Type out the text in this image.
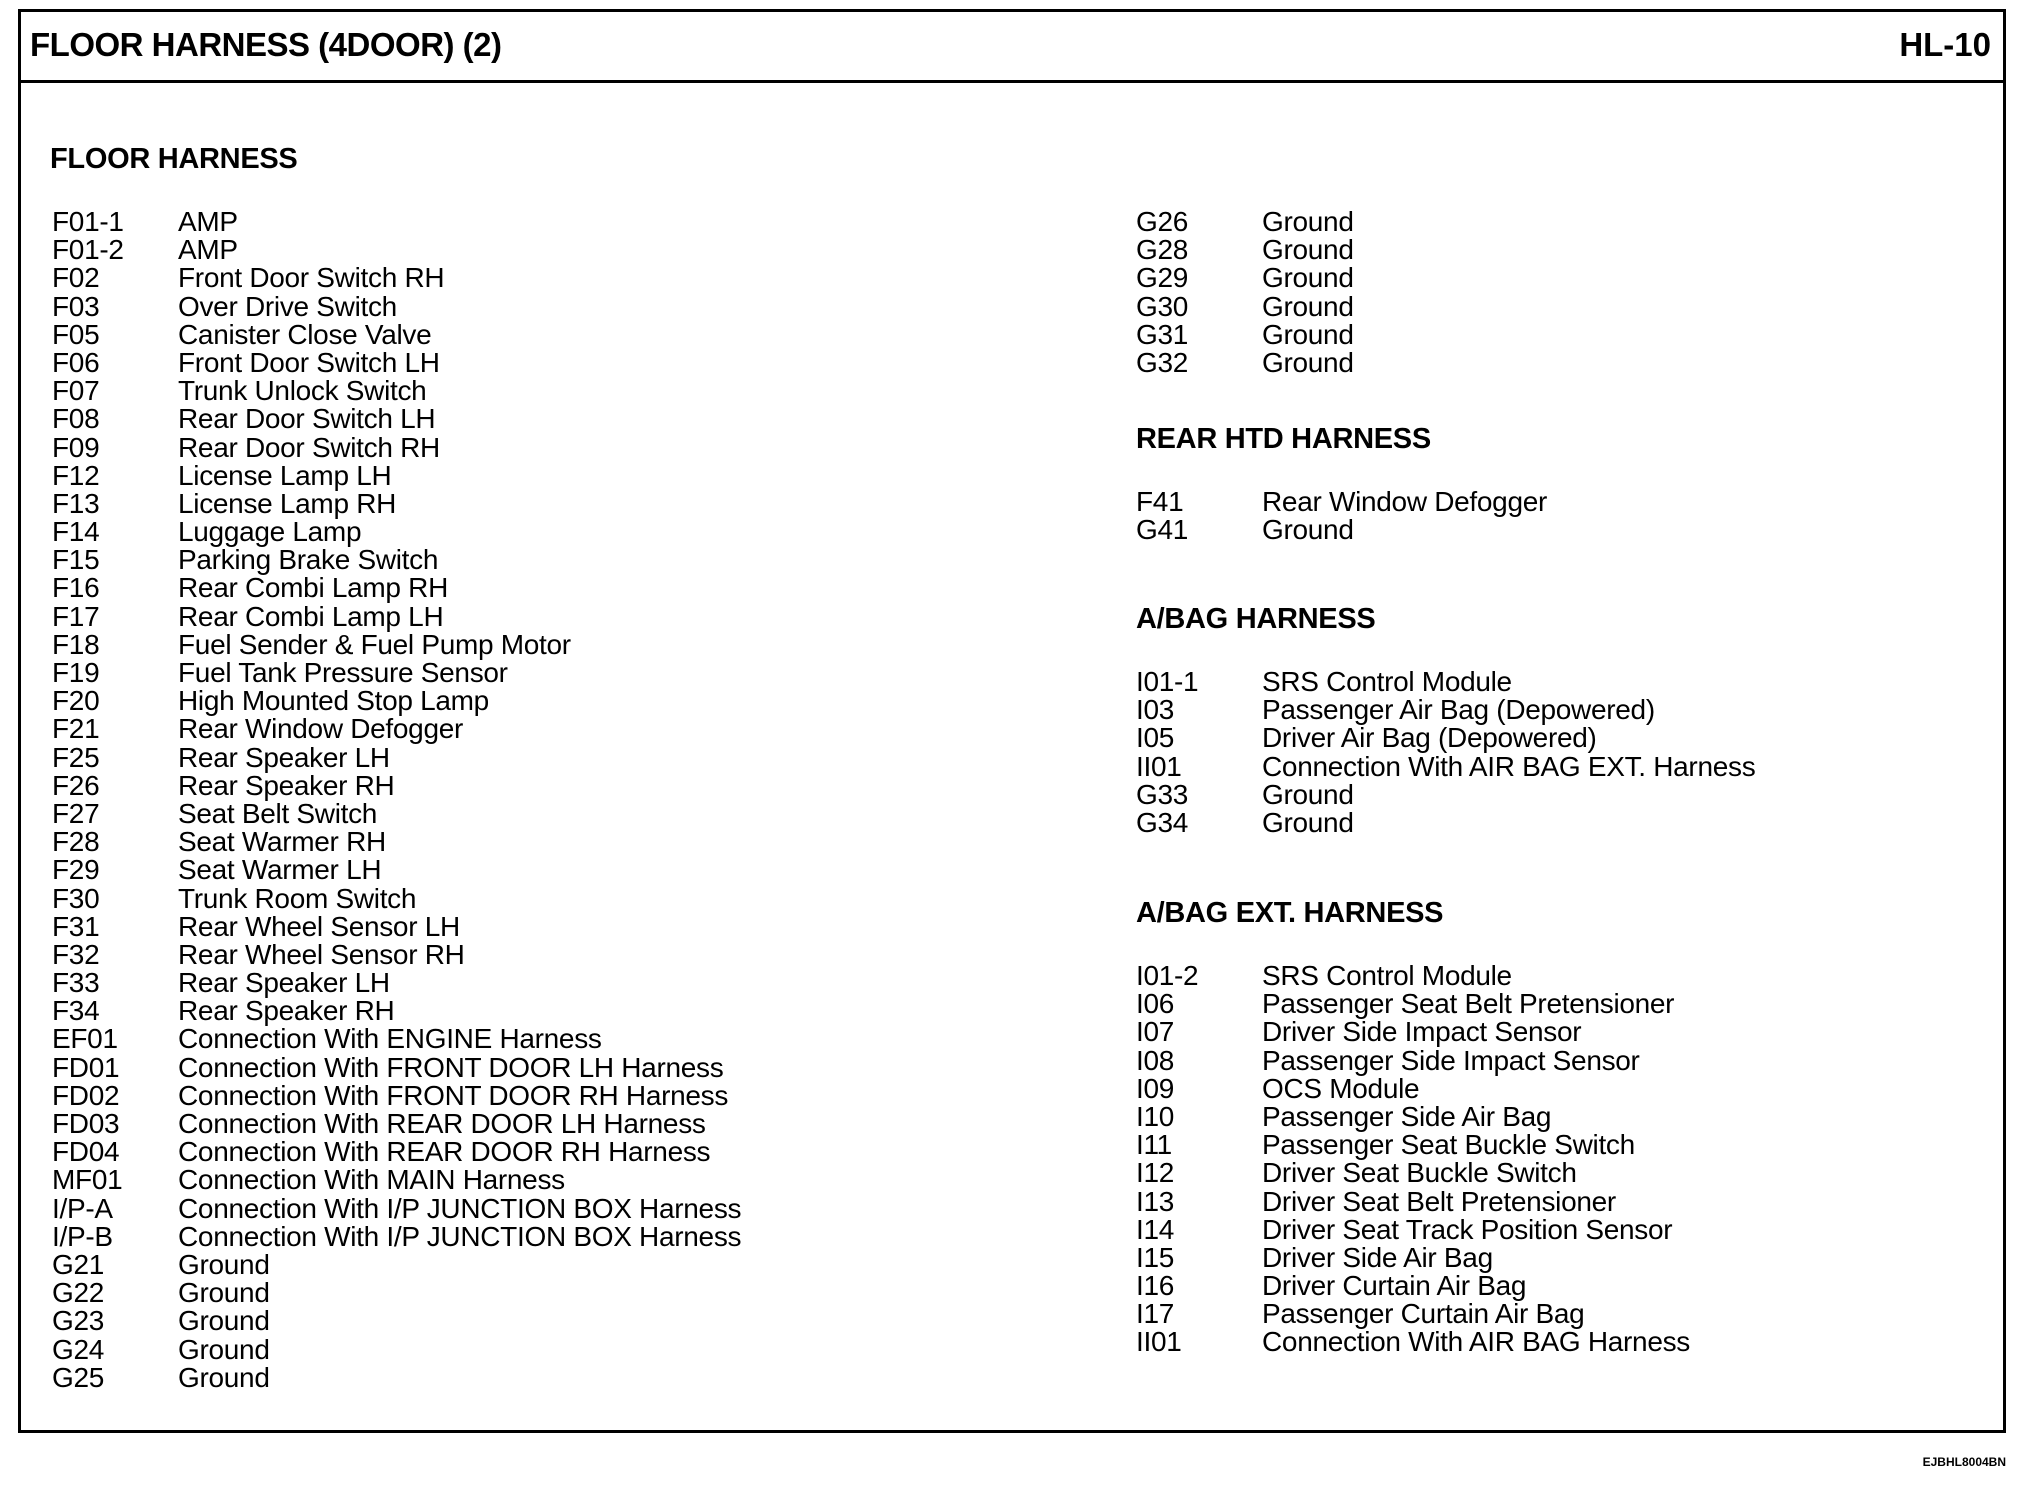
FLOOR HARNESS (4DOOR) (2)	HL-10
FLOOR HARNESS
F01-1 AMP
F01-2 AMP
F02	Front Door Switch RH
F03	Over Drive Switch
F05	Canister Close Valve
F06	Front Door Switch LH
F07	Trunk Unlock Switch
F08	Rear Door Switch LH
F09	Rear Door Switch RH
F12	License Lamp LH
F13	License Lamp RH
F14	Luggage Lamp
F15	Parking Brake Switch
F16	Rear Combi Lamp RH
F17	Rear Combi Lamp LH
F18	Fuel Sender & Fuel Pump Motor
F19	Fuel Tank Pressure Sensor
F20	High Mounted Stop Lamp
F21	Rear Window Defogger
F25	Rear Speaker LH
F26	Rear Speaker RH
F27	Seat Belt Switch
F28	Seat Warmer RH
F29	Seat Warmer LH
F30	Trunk Room Switch
F31	Rear Wheel Sensor LH
F32	Rear Wheel Sensor RH
F33	Rear Speaker LH
F34	Rear Speaker RH
EF01 Connection With ENGINE Harness
FD01 Connection With FRONT DOOR LH Harness
FD02 Connection With FRONT DOOR RH Harness
FD03 Connection With REAR DOOR LH Harness
FD04 Connection With REAR DOOR RH Harness
MF01 Connection With MAIN Harness
I/P-A Connection With I/P JUNCTION BOX Harness
I/P-B Connection With I/P JUNCTION BOX Harness
G21	Ground
G22	Ground
G23	Ground
G24	Ground
G25	Ground
G26	Ground
G28	Ground
G29	Ground
G30	Ground
G31	Ground
G32	Ground
REAR HTD HARNESS
F41	Rear Window Defogger
G41	Ground
A/BAG HARNESS
I01-1 SRS Control Module
I03	Passenger Air Bag (Depowered)
I05	Driver Air Bag (Depowered)
II01	Connection With AIR BAG EXT. Harness
G33	Ground
G34	Ground
A/BAG EXT. HARNESS
I01-2 SRS Control Module
I06	Passenger Seat Belt Pretensioner
I07	Driver Side Impact Sensor
I08	Passenger Side Impact Sensor
I09	OCS Module
I10	Passenger Side Air Bag
I11	Passenger Seat Buckle Switch
I12	Driver Seat Buckle Switch
I13	Driver Seat Belt Pretensioner
I14	Driver Seat Track Position Sensor
I15	Driver Side Air Bag
I16	Driver Curtain Air Bag
I17	Passenger Curtain Air Bag
II01	Connection With AIR BAG Harness
EJBHL8004BN
